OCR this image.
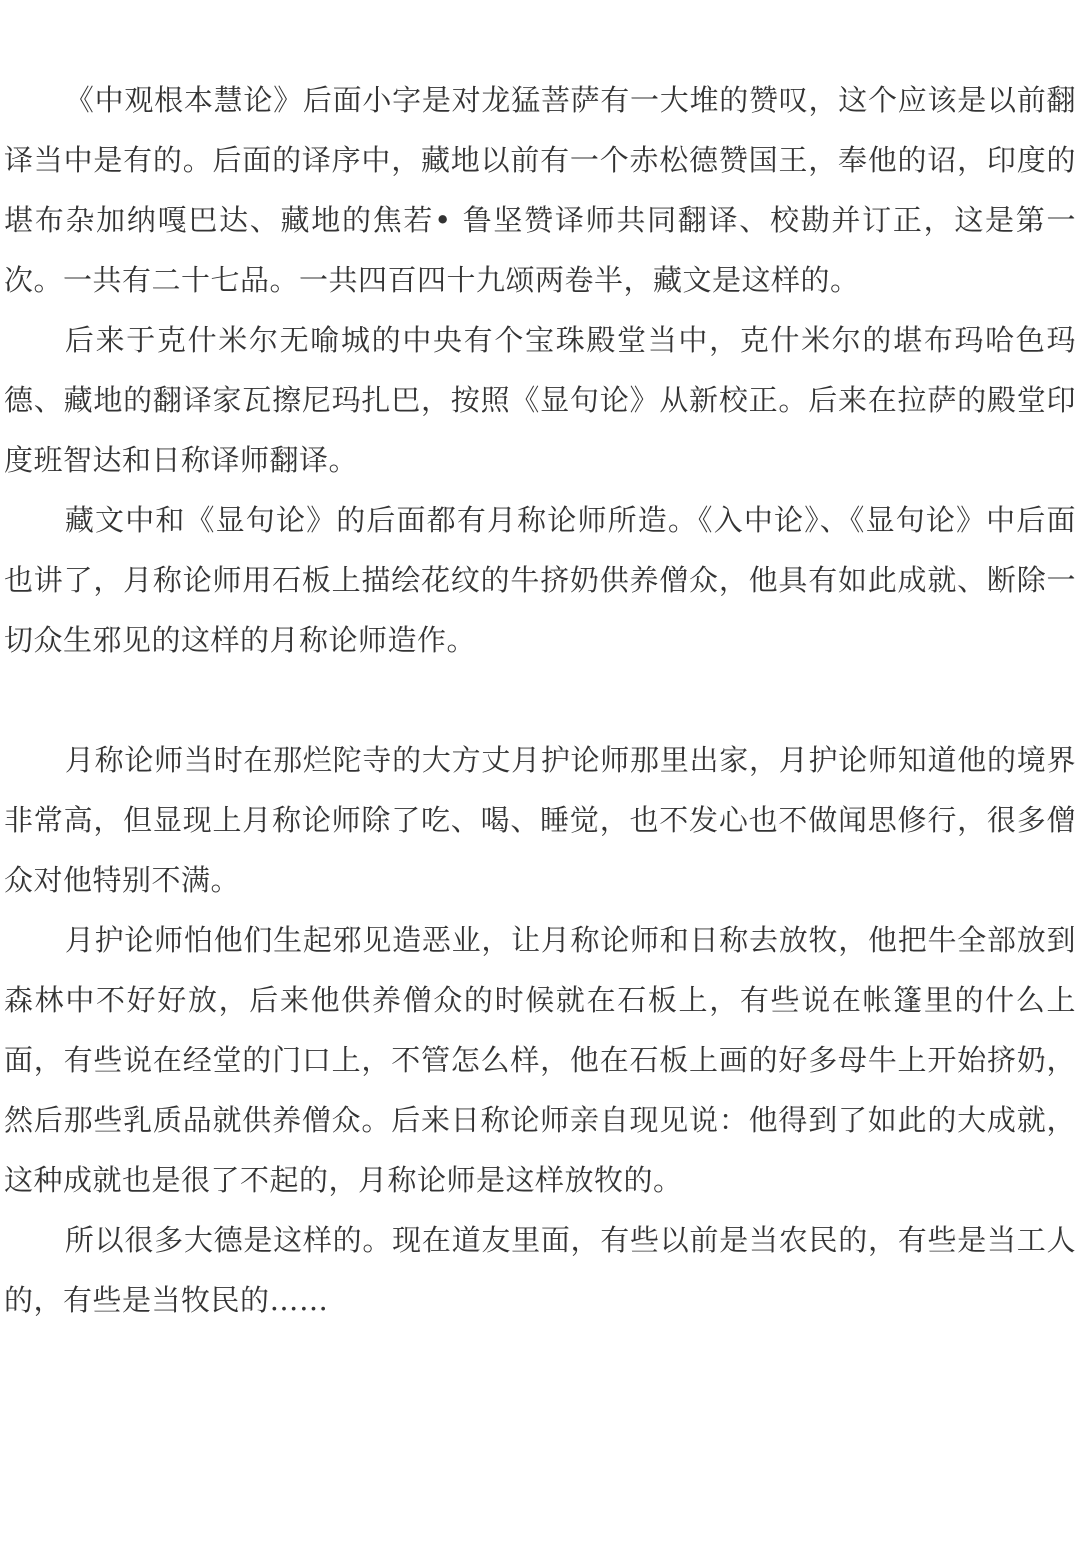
《中观根本慧论》后面小字是对龙猛菩萨有一大堆的赞叹，这个应该是以前翻译当中是有的。后面的译序中，藏地以前有一个赤松德赞国王，奉他的诏，印度的堪布杂加纳嘎巴达、藏地的焦若• 鲁坚赞译师共同翻译、校勘并订正，这是第一次。一共有二十七品。一共四百四十九颂两卷半，藏文是这样的。

后来于克什米尔无喻城的中央有个宝珠殿堂当中，克什米尔的堪布玛哈色玛德、藏地的翻译家瓦擦尼玛扎巴，按照《显句论》从新校正。后来在拉萨的殿堂印度班智达和日称译师翻译。

藏文中和《显句论》的后面都有月称论师所造。《入中论》、《显句论》中后面也讲了，月称论师用石板上描绘花纹的牛挤奶供养僧众，他具有如此成就、断除一切众生邪见的这样的月称论师造作。

月称论师当时在那烂陀寺的大方丈月护论师那里出家，月护论师知道他的境界非常高，但显现上月称论师除了吃、喝、睡觉，也不发心也不做闻思修行，很多僧众对他特别不满。

月护论师怕他们生起邪见造恶业，让月称论师和日称去放牧，他把牛全部放到森林中不好好放，后来他供养僧众的时候就在石板上，有些说在帐篷里的什么上面，有些说在经堂的门口上，不管怎么样，他在石板上画的好多母牛上开始挤奶，然后那些乳质品就供养僧众。后来日称论师亲自现见说：他得到了如此的大成就，这种成就也是很了不起的，月称论师是这样放牧的。

所以很多大德是这样的。现在道友里面，有些以前是当农民的，有些是当工人的，有些是当牧民的……
